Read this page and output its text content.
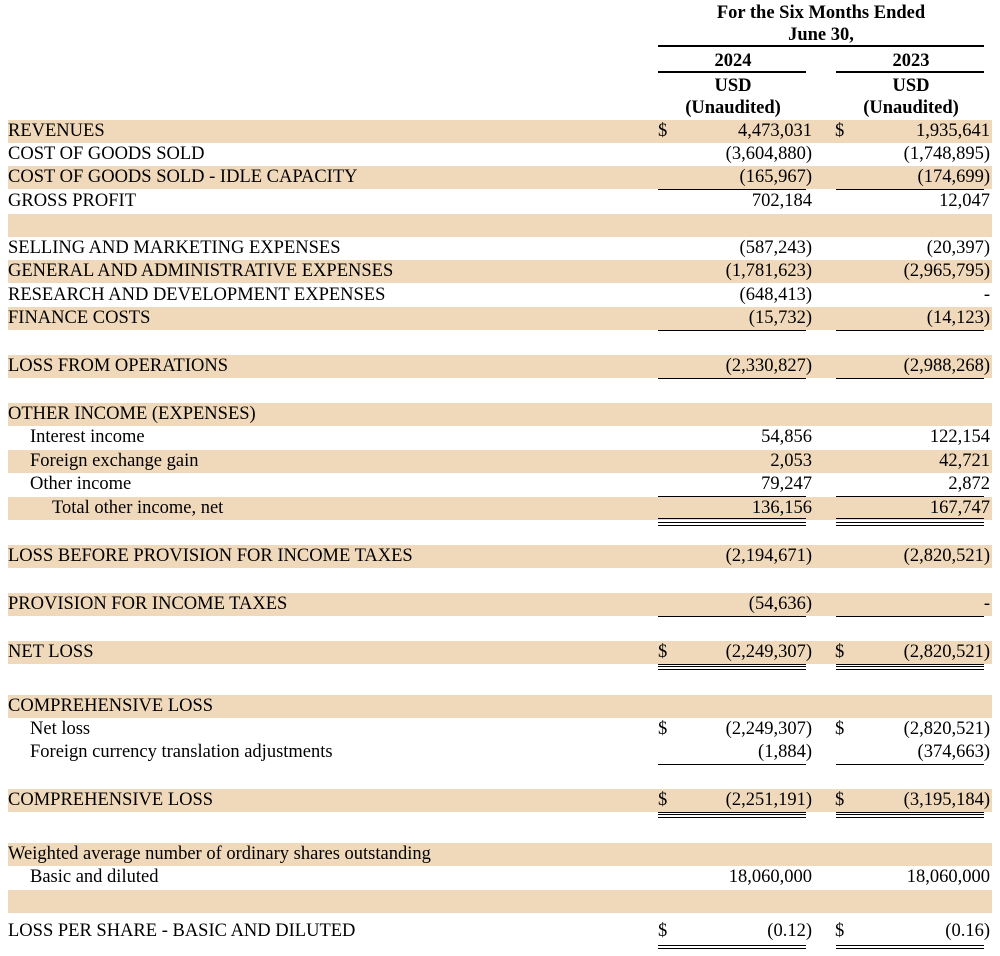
For the Six Months Ended
June 30,
2024
USD
(Unaudited)
2023
USD
(Unaudited)
REVENUES	$	4,473,031 $	1,935,641
COST OF GOODS SOLD	(3,604,880)	(1,748,895)
COST OF GOODS SOLD - IDLE CAPACITY	(165,967)	(174,699)
GROSS PROFIT	702,184	12,047
SELLING AND MARKETING EXPENSES	(587,243)	(20,397)
GENERAL AND ADMINISTRATIVE EXPENSES	(1,781,623)	(2,965,795)
RESEARCH AND DEVELOPMENT EXPENSES	(648,413)	-
FINANCE COSTS	(15,732)	(14,123)
LOSS FROM OPERATIONS	(2,330,827)	(2,988,268)
OTHER INCOME (EXPENSES)
Interest income	54,856	122,154
Foreign exchange gain	2,053	42,721
Other income	79,247	2,872
Total other income, net	136,156	167,747
LOSS BEFORE PROVISION FOR INCOME TAXES	(2,194,671)	(2,820,521)
PROVISION FOR INCOME TAXES	(54,636)	-
NET LOSS	$	(2,249,307) $	(2,820,521)
COMPREHENSIVE LOSS
Net loss	$	(2,249,307) $	(2,820,521)
Foreign currency translation adjustments	(1,884)	(374,663)
COMPREHENSIVE LOSS	$	(2,251,191) $	(3,195,184)
Weighted average number of ordinary shares outstanding
Basic and diluted	18,060,000	18,060,000
LOSS PER SHARE - BASIC AND DILUTED	$	(0.12) $	(0.16)
